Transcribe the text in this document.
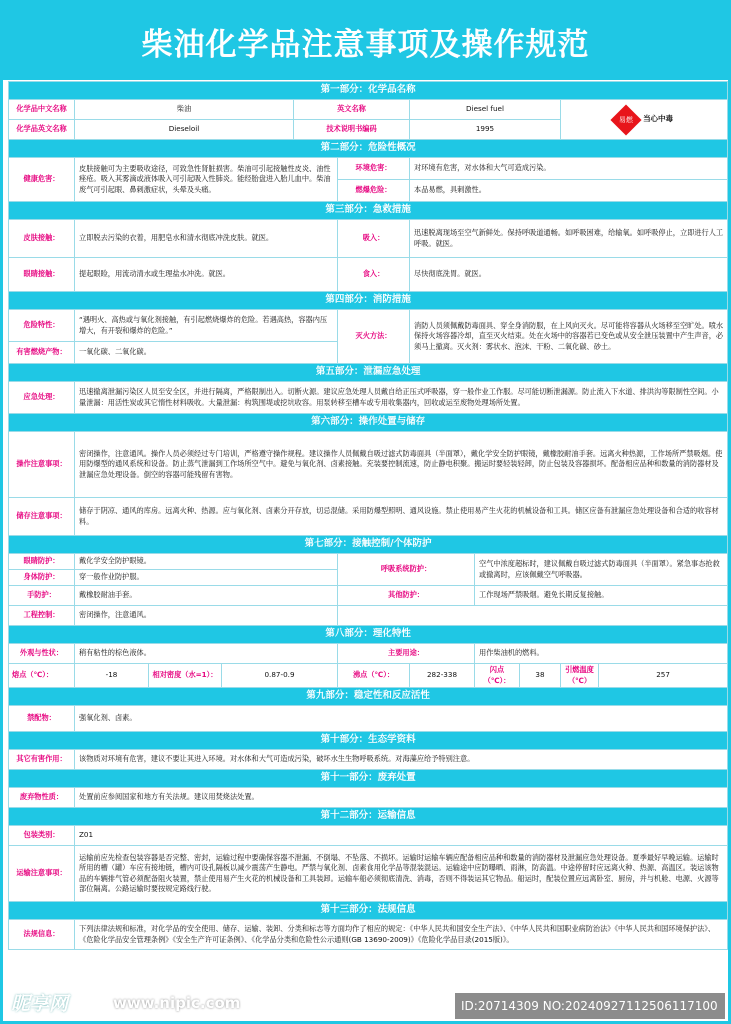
柴油化学品注意事项及操作规范
第一部分：化学品名称										
化学品中文名称	柴油			英文名称		Diesel fuel			易燃 当心中毒	

化学品英文名称	Dieseloil			技术说明书编码		1995				
第二部分：危险性概况										
健康危害：	皮肤接触可为主要吸收途径，可致急性肾脏损害。柴油可引起接触性皮炎、油性痤疮。吸入其雾滴或液体吸入可引起吸入性肺炎。能经胎盘进入胎儿血中。柴油废气可引起眼、鼻刺激症状，头晕及头痛。				环境危害：	对环境有危害，对水体和大气可造成污染。				
					燃爆危险：	本品易燃，具刺激性。				
第三部分：急救措施										
皮肤接触：	立即脱去污染的衣着，用肥皂水和清水彻底冲洗皮肤。就医。				吸入：	迅速脱离现场至空气新鲜处。保持呼吸道通畅。如呼吸困难，给输氧。如呼吸停止，立即进行人工呼吸。就医。				
眼睛接触：	提起眼睑，用流动清水或生理盐水冲洗。就医。				食入：	尽快彻底洗胃。就医。				
第四部分：消防措施										
危险特性：	“遇明火、高热或与氧化剂接触，有引起燃烧爆炸的危险。若遇高热，容器内压增大，有开裂和爆炸的危险。”				灭火方法：	消防人员须佩戴防毒面具、穿全身消防服，在上风向灭火。尽可能将容器从火场移至空旷处。喷水保持火场容器冷却，直至灭火结束。处在火场中的容器若已变色或从安全泄压装置中产生声音，必须马上撤离。灭火剂：雾状水、泡沫、干粉、二氧化碳、砂土。				
有害燃烧产物：	一氧化碳、二氧化碳。									
第五部分：泄漏应急处理										
应急处理：	迅速撤离泄漏污染区人员至安全区，并进行隔离，严格限制出入。切断火源。建议应急处理人员戴自给正压式呼吸器，穿一般作业工作服。尽可能切断泄漏源。防止流入下水道、排洪沟等限制性空间。小量泄漏：用活性炭或其它惰性材料吸收。大量泄漏：构筑围堤或挖坑收容。用泵转移至槽车或专用收集器内，回收或运至废物处理场所处置。									
第六部分：操作处置与储存										
操作注意事项：	密闭操作，注意通风。操作人员必须经过专门培训，严格遵守操作规程。建议操作人员佩戴自吸过滤式防毒面具（半面罩），戴化学安全防护眼镜，戴橡胶耐油手套。远离火种热源，工作场所严禁吸烟。使用防爆型的通风系统和设备。防止蒸气泄漏到工作场所空气中。避免与氧化剂、卤素接触。充装要控制流速，防止静电积聚。搬运时要轻装轻卸，防止包装及容器损坏。配备相应品种和数量的消防器材及泄漏应急处理设备。倒空的容器可能残留有害物。									
储存注意事项：	储存于阴凉、通风的库房。远离火种、热源。应与氧化剂、卤素分开存放，切忌混储。采用防爆型照明、通风设施。禁止使用易产生火花的机械设备和工具。储区应备有泄漏应急处理设备和合适的收容材料。									
第七部分：接触控制/个体防护										
眼睛防护：	戴化学安全防护眼镜。				呼吸系统防护：		空气中浓度超标时，建议佩戴自吸过滤式防毒面具（半面罩）。紧急事态抢救或撤离时，应该佩戴空气呼吸器。			
身体防护：	穿一般作业防护服。									
手防护：	戴橡胶耐油手套。				其他防护：		工作现场严禁吸烟。避免长期反复接触。			
工程控制：	密闭操作，注意通风。									
第八部分：理化特性										
外观与性状：	稍有粘性的棕色液体。				主要用途：		用作柴油机的燃料。			
熔点（℃）：	-18	相对密度（水=1）：	0.87-0.9		沸点（℃）：	282-338	闪点（℃）：	38	引燃温度（℃）	257
第九部分：稳定性和反应活性										
禁配物：	强氧化剂、卤素。									
第十部分：生态学资料										
其它有害作用：	该物质对环境有危害，建议不要让其进入环境。对水体和大气可造成污染，破坏水生生物呼吸系统。对海藻应给予特别注意。									
第十一部分：废弃处置										
废弃物性质：	处置前应参阅国家和地方有关法规。建议用焚烧法处置。									
第十二部分：运输信息										
包装类别：	Z01									
运输注意事项：	运输前应先检查包装容器是否完整、密封，运输过程中要确保容器不泄漏、不倒塌、不坠落、不损坏。运输时运输车辆应配备相应品种和数量的消防器材及泄漏应急处理设备。夏季最好早晚运输。运输时所用的槽（罐）车应有接地链，槽内可设孔隔板以减少震荡产生静电。严禁与氧化剂、卤素食用化学品等混装混运。运输途中应防曝晒、雨淋，防高温。中途停留时应远离火种、热源、高温区。装运该物品的车辆排气管必须配备阻火装置，禁止使用易产生火花的机械设备和工具装卸。运输车船必须彻底清洗、消毒，否则不得装运其它物品。船运时，配装位置应远离卧室、厨房，并与机舱、电源、火源等部位隔离。公路运输时要按规定路线行驶。									
第十三部分：法规信息										
法规信息：	下列法律法规和标准，对化学品的安全使用、储存、运输、装卸、分类和标志等方面均作了相应的规定：《中华人民共和国安全生产法》、《中华人民共和国职业病防治法》《中华人民共和国环境保护法》、《危险化学品安全管理条例》《安全生产许可证条例》、《化学品分类和危险性公示通则(GB 13690-2009)》《危险化学品目录(2015版)》。									
昵享网	www.nipic.com	ID:20714309 NO:20240927112506117100
